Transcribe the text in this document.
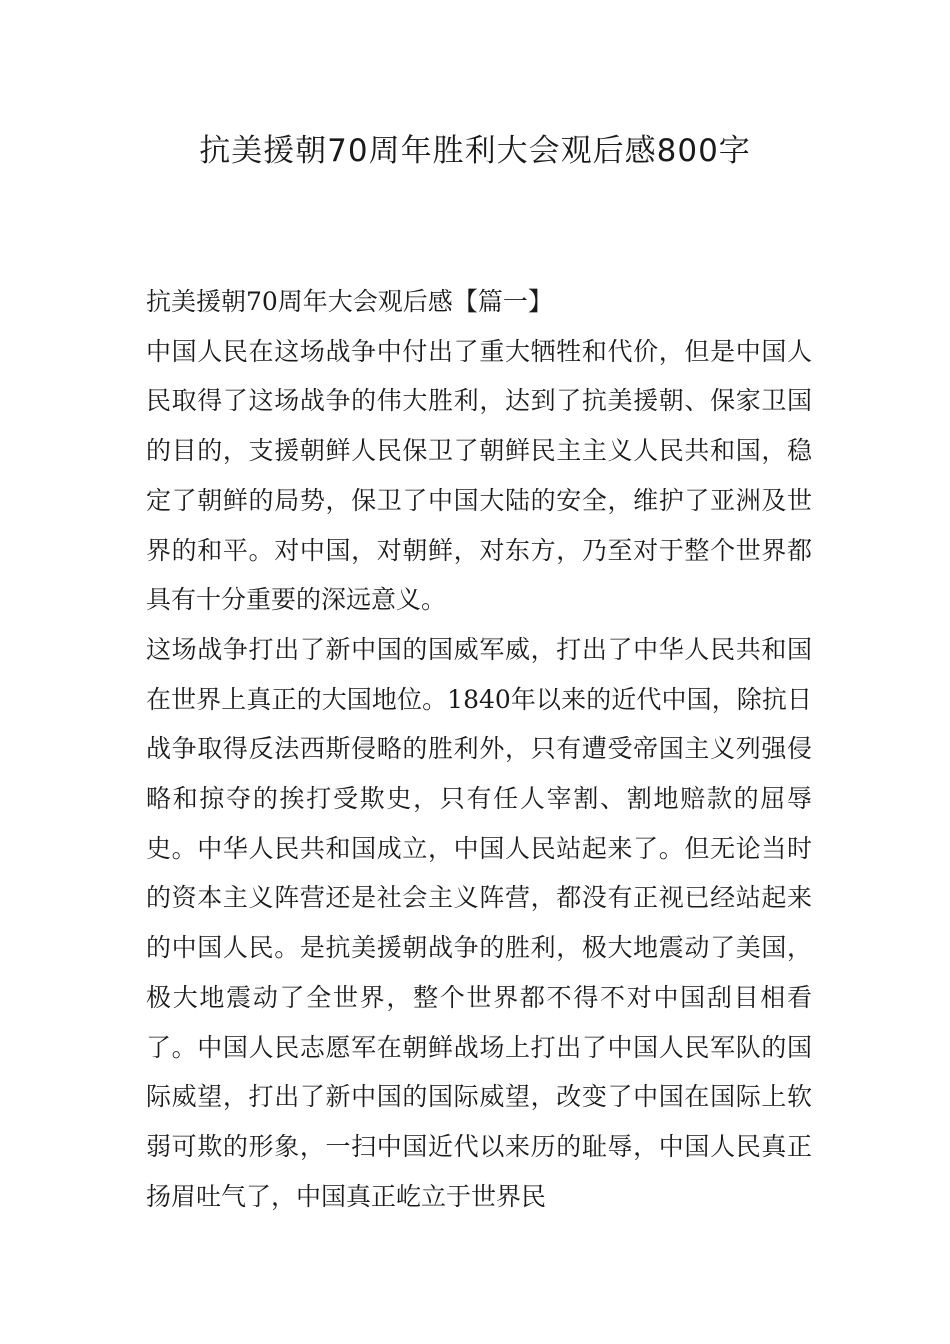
抗美援朝70周年胜利大会观后感800字
抗美援朝70周年大会观后感【篇一】

中国人民在这场战争中付出了重大牺牲和代价，但是中国人民取得了这场战争的伟大胜利，达到了抗美援朝、保家卫国的目的，支援朝鲜人民保卫了朝鲜民主主义人民共和国，稳定了朝鲜的局势，保卫了中国大陆的安全，维护了亚洲及世界的和平。对中国，对朝鲜，对东方，乃至对于整个世界都具有十分重要的深远意义。

这场战争打出了新中国的国威军威，打出了中华人民共和国在世界上真正的大国地位。1840年以来的近代中国，除抗日战争取得反法西斯侵略的胜利外，只有遭受帝国主义列强侵略和掠夺的挨打受欺史，只有任人宰割、割地赔款的屈辱史。中华人民共和国成立，中国人民站起来了。但无论当时的资本主义阵营还是社会主义阵营，都没有正视已经站起来的中国人民。是抗美援朝战争的胜利，极大地震动了美国，极大地震动了全世界，整个世界都不得不对中国刮目相看了。中国人民志愿军在朝鲜战场上打出了中国人民军队的国际威望，打出了新中国的国际威望，改变了中国在国际上软弱可欺的形象，一扫中国近代以来历的耻辱，中国人民真正扬眉吐气了，中国真正屹立于世界民
